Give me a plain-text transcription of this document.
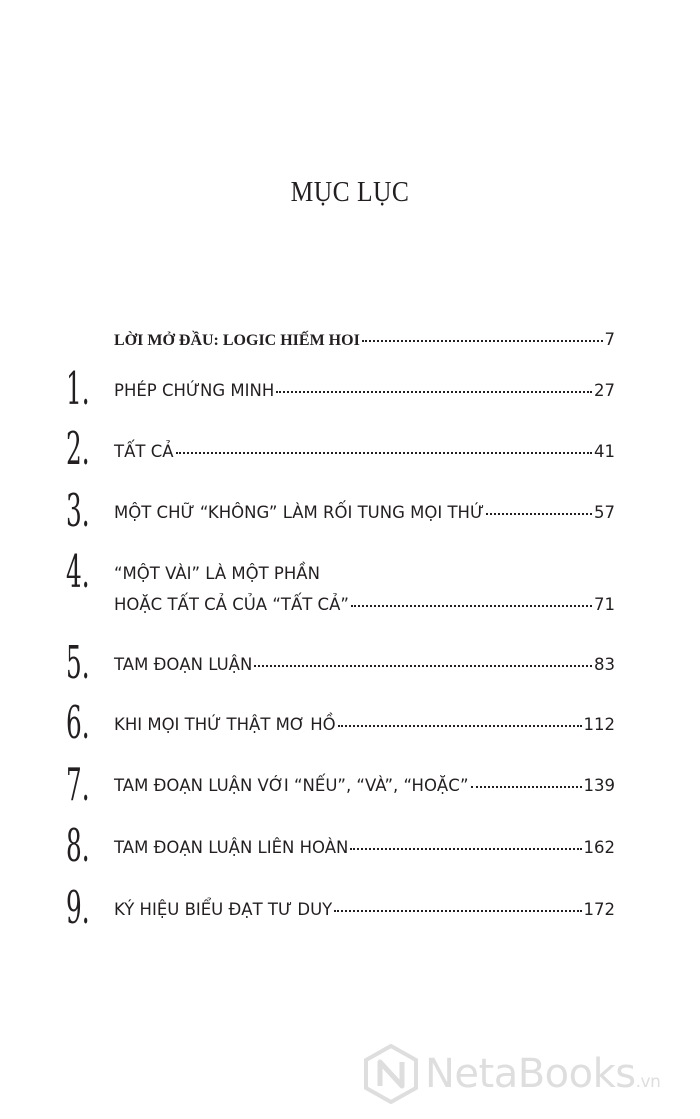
MỤC LỤC
LỜI MỞ ĐẦU: LOGIC HIẾM HOI	7
1. PHÉP CHỨNG MINH	27
2. TẤT CẢ	41
3. MỘT CHỮ “KHÔNG” LÀM RỐI TUNG MỌI THỨ	57
4. “MỘT VÀI” LÀ MỘT PHẦN
HOẶC TẤT CẢ CỦA “TẤT CẢ”	71
5. TAM ĐOẠN LUẬN	83
6. KHI MỌI THỨ THẬT MƠ HỒ	112
7. TAM ĐOẠN LUẬN VỚI “NẾU”, “VÀ”, “HOẶC”	139
8. TAM ĐOẠN LUẬN LIÊN HOÀN	162
9. KÝ HIỆU BIỂU ĐẠT TƯ DUY	172
NetaBooks.vn
